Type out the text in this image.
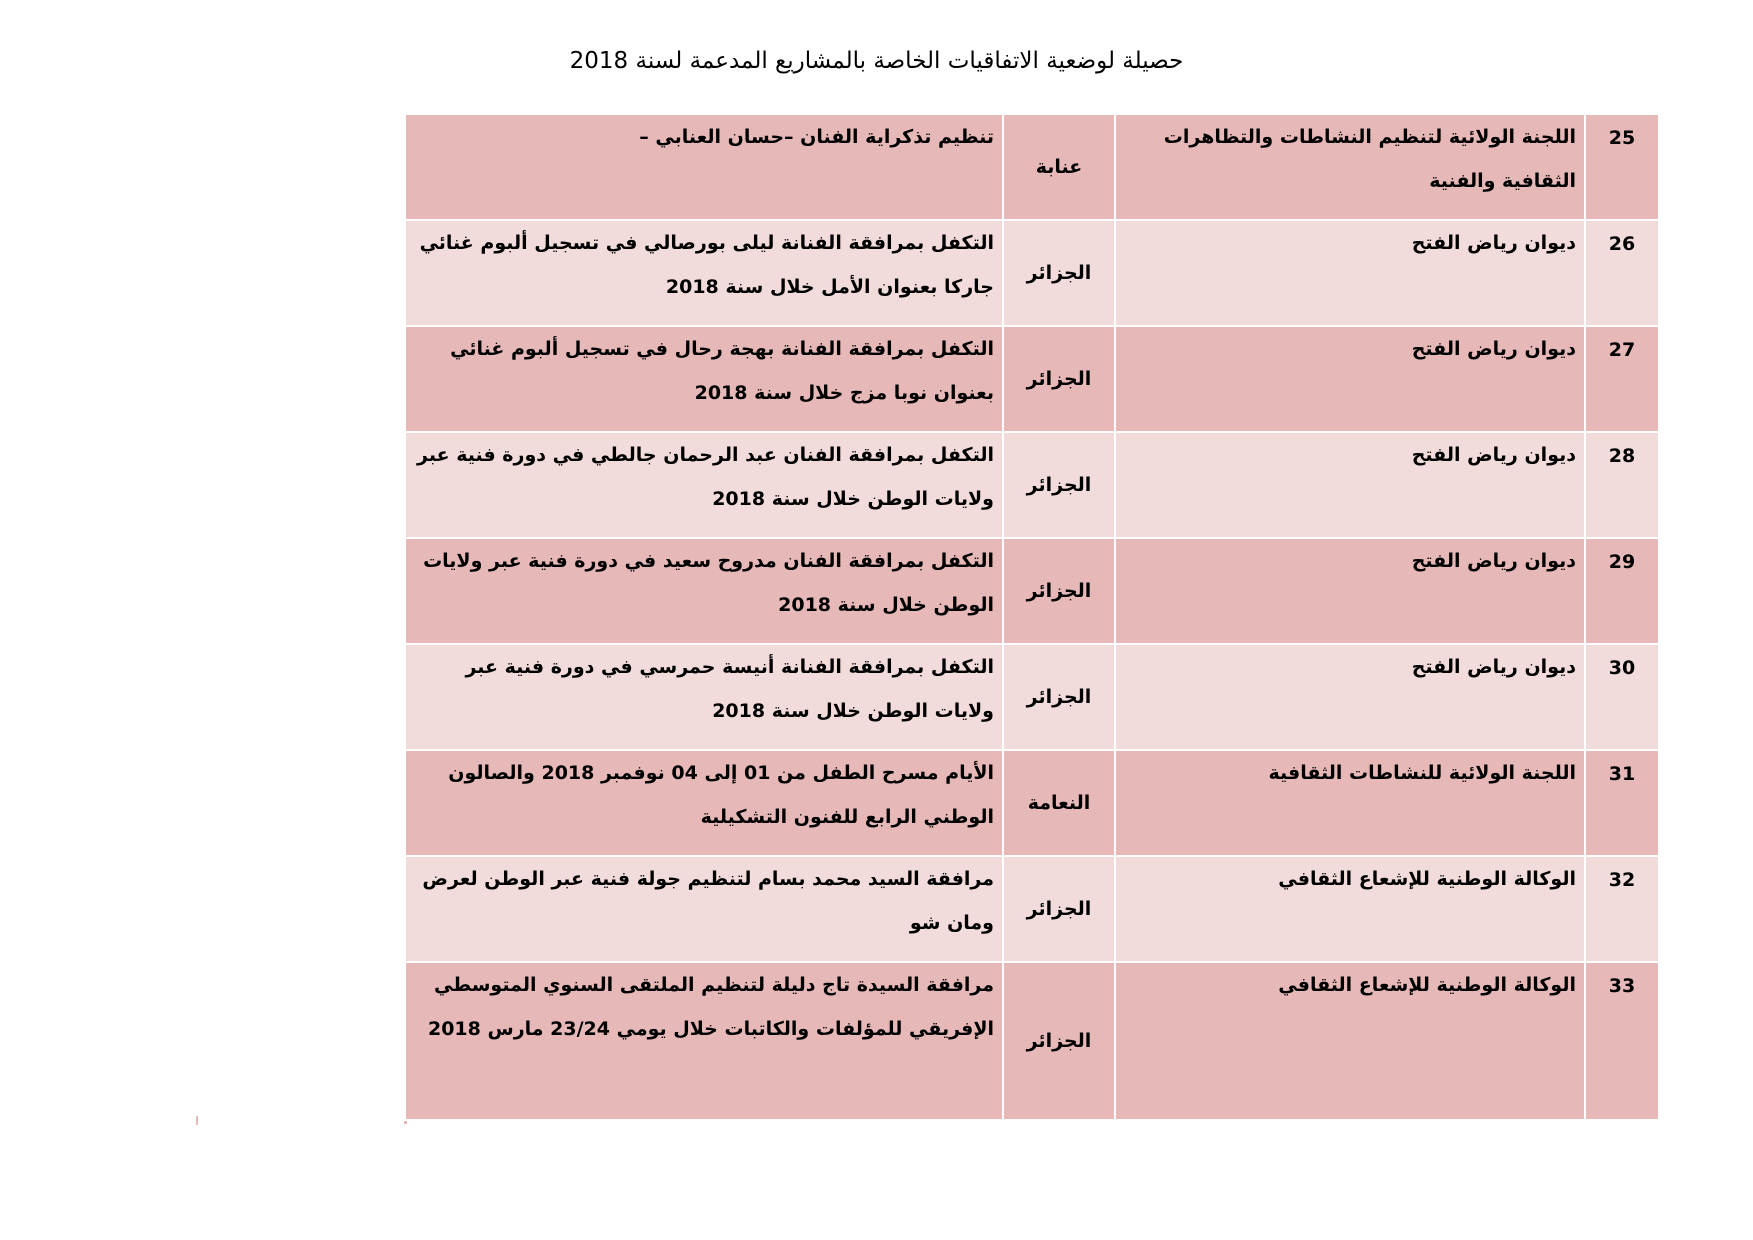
حصيلة لوضعية الاتفاقيات الخاصة بالمشاريع المدعمة لسنة 2018
25	اللجنة الولائية لتنظيم النشاطات والتظاهرات الثقافية والفنية	عنابة	تنظيم تذكراية الفنان –حسان العنابي –
26	ديوان رياض الفتح	الجزائر	التكفل بمرافقة الفنانة ليلى بورصالي في تسجيل ألبوم غنائي جاركا بعنوان الأمل خلال سنة 2018
27	ديوان رياض الفتح	الجزائر	التكفل بمرافقة الفنانة بهجة رحال في تسجيل ألبوم غنائي بعنوان نوبا مزج خلال سنة 2018
28	ديوان رياض الفتح	الجزائر	التكفل بمرافقة الفنان عبد الرحمان جالطي في دورة فنية عبر ولايات الوطن خلال سنة 2018
29	ديوان رياض الفتح	الجزائر	التكفل بمرافقة الفنان مدروح سعيد في دورة فنية عبر ولايات الوطن خلال سنة 2018
30	ديوان رياض الفتح	الجزائر	التكفل بمرافقة الفنانة أنيسة حمرسي في دورة فنية عبر ولايات الوطن خلال سنة 2018
31	اللجنة الولائية للنشاطات الثقافية	النعامة	الأيام مسرح الطفل من 01 إلى 04 نوفمبر 2018 والصالون الوطني الرابع للفنون التشكيلية
32	الوكالة الوطنية للإشعاع الثقافي	الجزائر	مرافقة السيد محمد بسام لتنظيم جولة فنية عبر الوطن لعرض ومان شو
33	الوكالة الوطنية للإشعاع الثقافي	الجزائر	مرافقة السيدة تاج دليلة لتنظيم الملتقى السنوي المتوسطي الإفريقي للمؤلفات والكاتبات خلال يومي 23/24 مارس 2018
